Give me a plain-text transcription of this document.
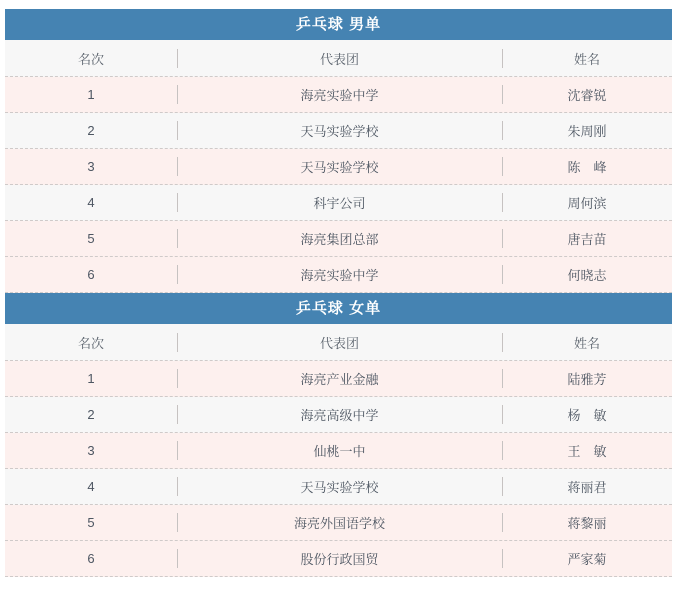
乒乓球 男单
名次	代表团	姓名
1	海亮实验中学	沈睿锐
2	天马实验学校	朱周刚
3	天马实验学校	陈　峰
4	科宇公司	周何滨
5	海亮集团总部	唐吉苗
6	海亮实验中学	何晓志
乒乓球 女单
名次	代表团	姓名
1	海亮产业金融	陆雅芳
2	海亮高级中学	杨　敏
3	仙桃一中	王　敏
4	天马实验学校	蒋丽君
5	海亮外国语学校	蒋黎丽
6	股份行政国贸	严家菊
